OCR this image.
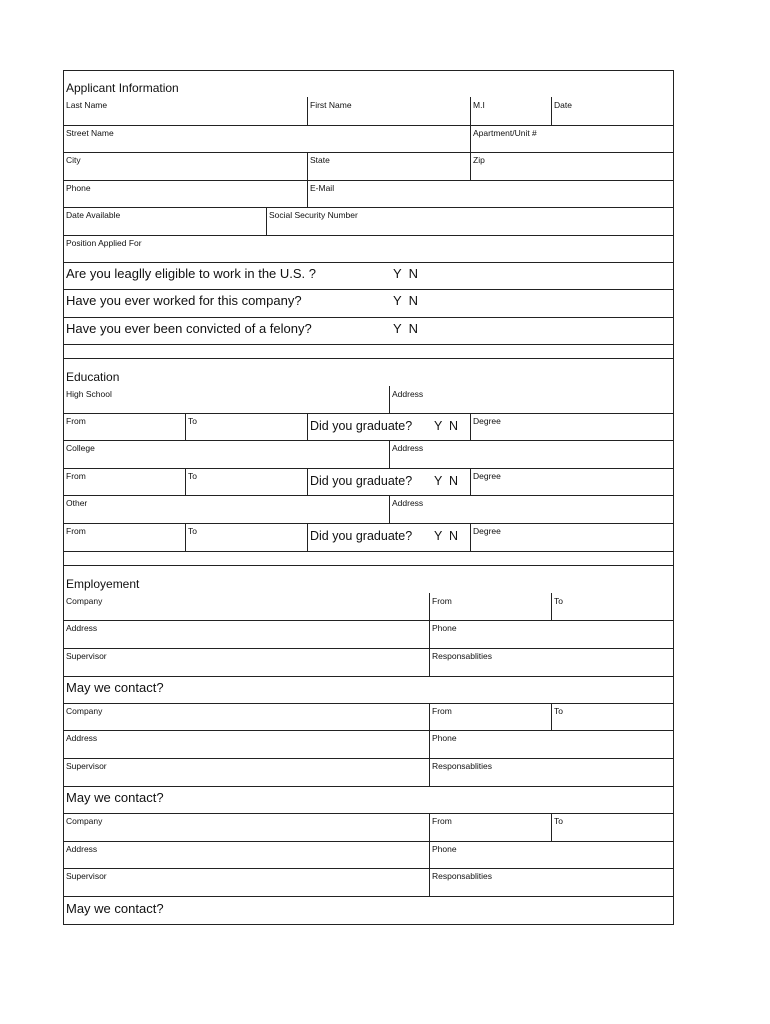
Applicant Information
Last Name	First Name	M.I	Date
Street Name	Apartment/Unit #
City	State	Zip
Phone	E-Mail
Date Available	Social Security Number
Position Applied For
Are you leaglly eligible to work in the U.S. ?	Y  N
Have you ever worked for this company?	Y  N
Have you ever been convicted of a felony?	Y  N
Education
High School	Address
From	To	Did you graduate? Y  N Degree
College	Address
From	To	Did you graduate? Y  N Degree
Other	Address
From	To	Did you graduate? Y  N Degree
Employement
Company	From	To
Address	Phone
Supervisor	Responsablities
May we contact?
Company	From	To
Address	Phone
Supervisor	Responsablities
May we contact?
Company	From	To
Address	Phone
Supervisor	Responsablities
May we contact?
